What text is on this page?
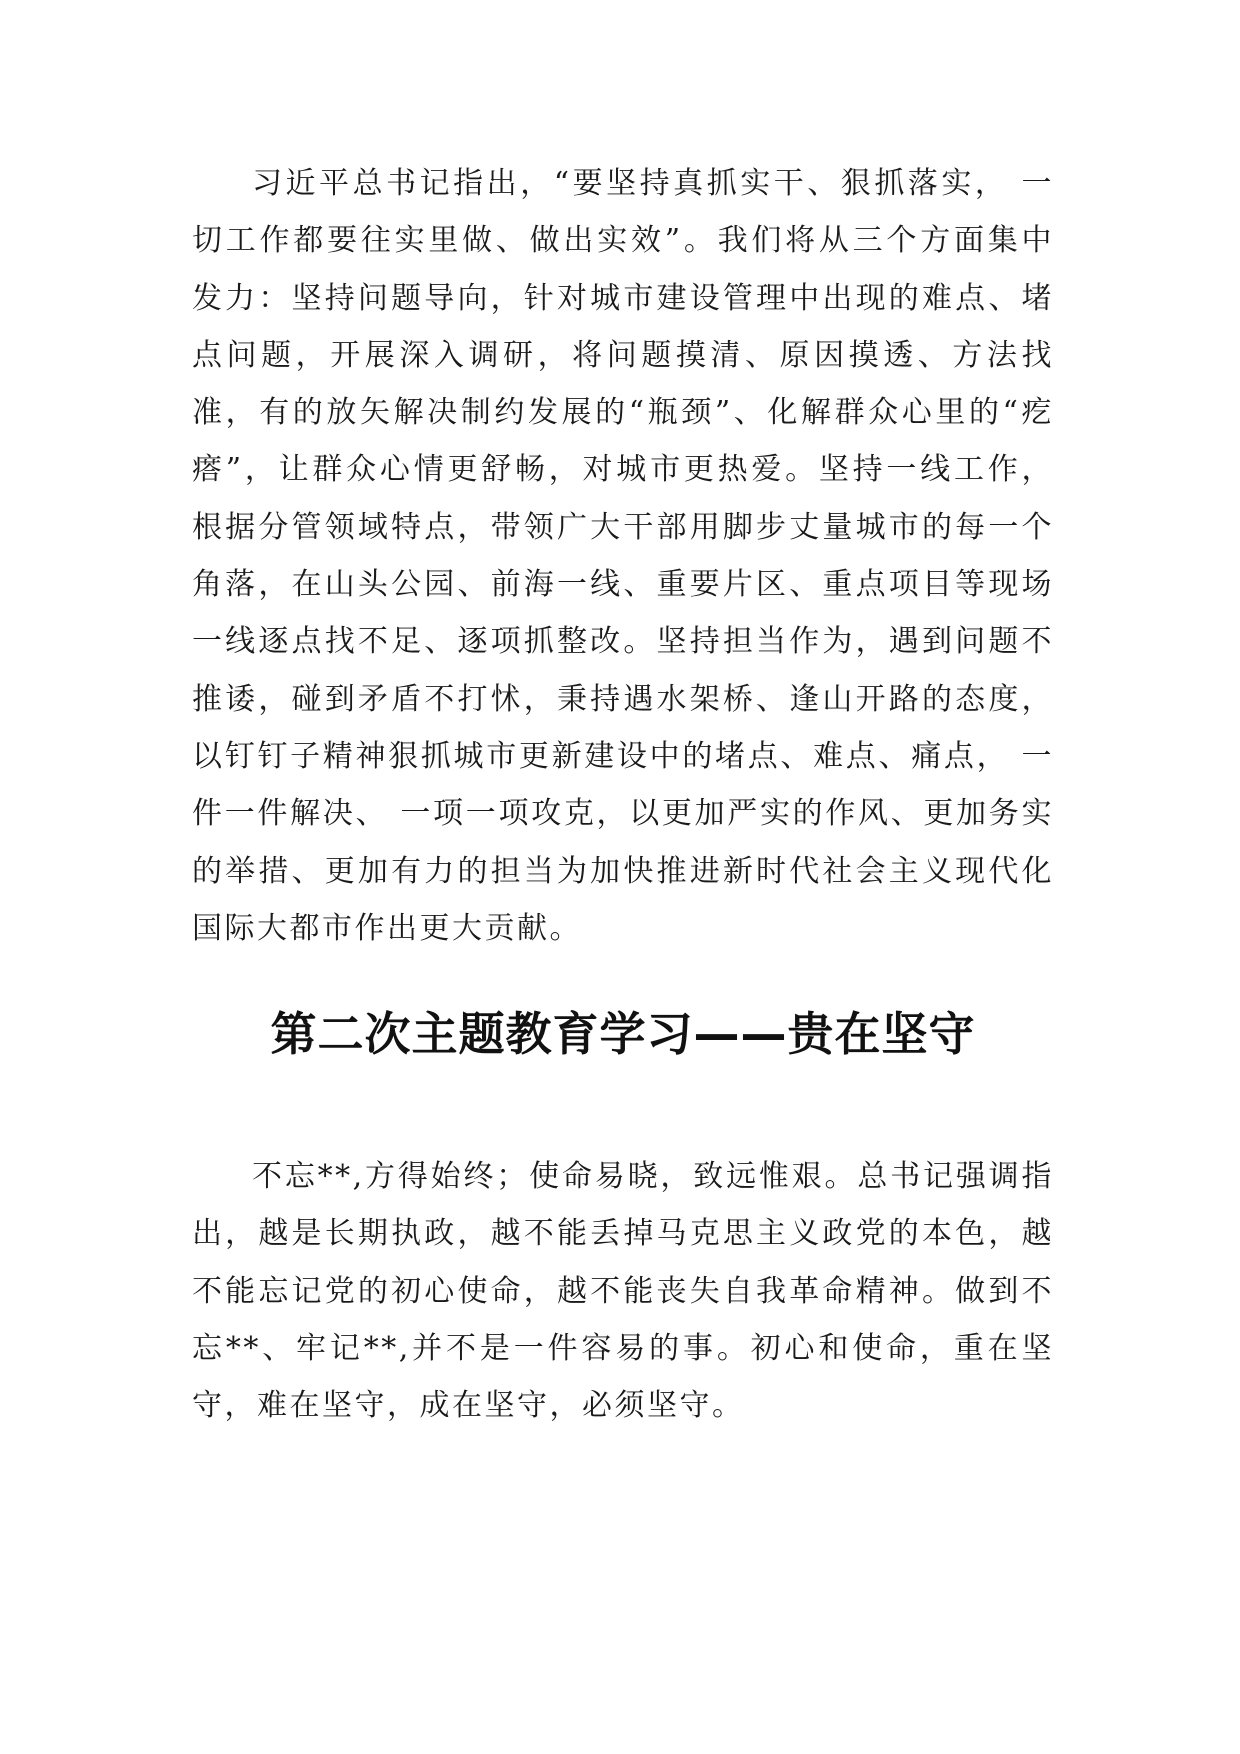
习近平总书记指出，“要坚持真抓实干、狠抓落实， 一切工作都要往实里做、做出实效”。我们将从三个方面集中发力：坚持问题导向，针对城市建设管理中出现的难点、堵点问题，开展深入调研，将问题摸清、原因摸透、方法找准，有的放矢解决制约发展的“瓶颈”、化解群众心里的“疙瘩”，让群众心情更舒畅，对城市更热爱。坚持一线工作，根据分管领域特点，带领广大干部用脚步丈量城市的每一个角落，在山头公园、前海一线、重要片区、重点项目等现场一线逐点找不足、逐项抓整改。坚持担当作为，遇到问题不推诿，碰到矛盾不打怵，秉持遇水架桥、逢山开路的态度，以钉钉子精神狠抓城市更新建设中的堵点、难点、痛点， 一件一件解决、 一项一项攻克，以更加严实的作风、更加务实的举措、更加有力的担当为加快推进新时代社会主义现代化国际大都市作出更大贡献。

第二次主题教育学习——贵在坚守

不忘**,方得始终；使命易晓，致远惟艰。总书记强调指出，越是长期执政，越不能丢掉马克思主义政党的本色，越不能忘记党的初心使命，越不能丧失自我革命精神。做到不忘**、牢记**,并不是一件容易的事。初心和使命，重在坚守，难在坚守，成在坚守，必须坚守。
